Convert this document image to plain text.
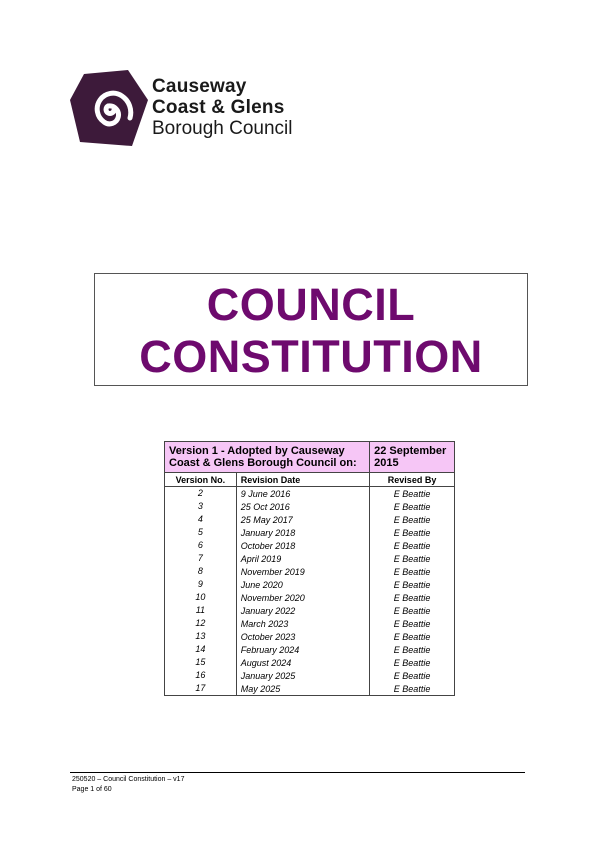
Causeway
Coast & Glens
Borough Council
COUNCIL
CONSTITUTION
Version 1 - Adopted by Causeway Coast & Glens Borough Council on:		22 September 2015
Version No.	Revision Date	Revised By
2	9 June 2016	E Beattie
3	25 Oct 2016	E Beattie
4	25 May 2017	E Beattie
5	January 2018	E Beattie
6	October 2018	E Beattie
7	April 2019	E Beattie
8	November 2019	E Beattie
9	June 2020	E Beattie
10	November 2020	E Beattie
11	January 2022	E Beattie
12	March 2023	E Beattie
13	October 2023	E Beattie
14	February 2024	E Beattie
15	August 2024	E Beattie
16	January 2025	E Beattie
17	May 2025	E Beattie
250520 – Council Constitution – v17
Page 1 of 60
